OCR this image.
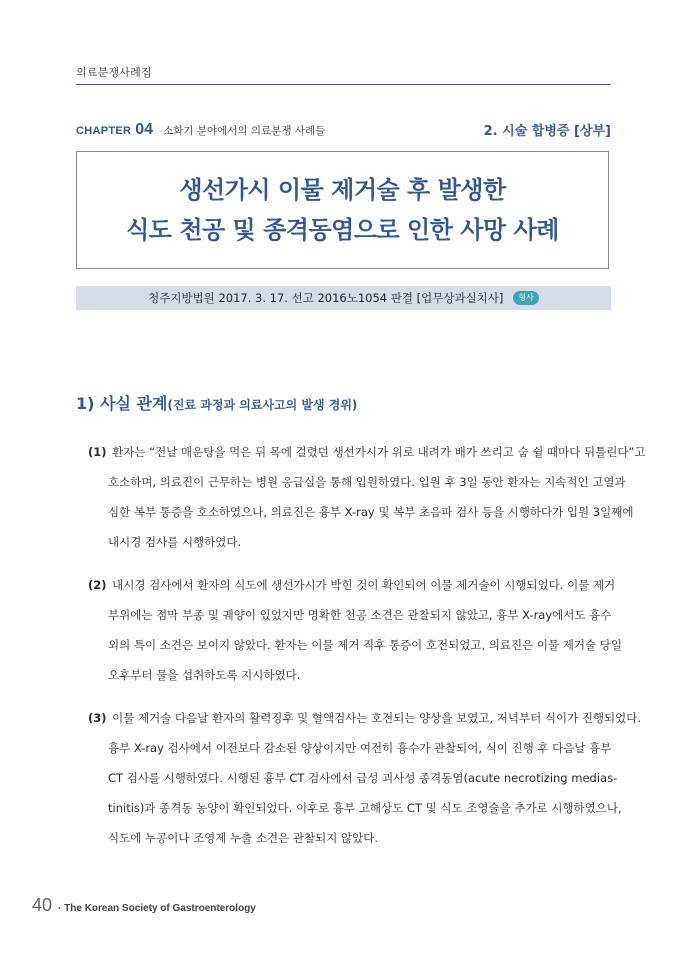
의료분쟁사례집
CHAPTER 04 소화기 분야에서의 의료분쟁 사례들	2. 시술 합병증 [상부]
생선가시 이물 제거술 후 발생한
식도 천공 및 종격동염으로 인한 사망 사례
청주지방법원 2017. 3. 17. 선고 2016노1054 판결 [업무상과실치사]	형사
1) 사실 관계(진료 과정과 의료사고의 발생 경위)
(1) 환자는 “전날 매운탕을 먹은 뒤 목에 걸렸던 생선가시가 위로 내려가 배가 쓰리고 숨 쉴 때마다 뒤틀린다”고
호소하며, 의료진이 근무하는 병원 응급실을 통해 입원하였다. 입원 후 3일 동안 환자는 지속적인 고열과
심한 복부 통증을 호소하였으나, 의료진은 흉부 X-ray 및 복부 초음파 검사 등을 시행하다가 입원 3일째에
내시경 검사를 시행하였다.
(2) 내시경 검사에서 환자의 식도에 생선가시가 박힌 것이 확인되어 이물 제거술이 시행되었다. 이물 제거
부위에는 점막 부종 및 궤양이 있었지만 명확한 천공 소견은 관찰되지 않았고, 흉부 X-ray에서도 흉수
외의 특이 소견은 보이지 않았다. 환자는 이물 제거 직후 통증이 호전되었고, 의료진은 이물 제거술 당일
오후부터 물을 섭취하도록 지시하였다.
(3) 이물 제거술 다음날 환자의 활력징후 및 혈액검사는 호전되는 양상을 보였고, 저녁부터 식이가 진행되었다.
흉부 X-ray 검사에서 이전보다 감소된 양상이지만 여전히 흉수가 관찰되어, 식이 진행 후 다음날 흉부
CT 검사를 시행하였다. 시행된 흉부 CT 검사에서 급성 괴사성 종격동염(acute necrotizing medias-
tinitis)과 종격동 농양이 확인되었다. 이후로 흉부 고해상도 CT 및 식도 조영술을 추가로 시행하였으나,
식도에 누공이나 조영제 누출 소견은 관찰되지 않았다.
40 · The Korean Society of Gastroenterology
